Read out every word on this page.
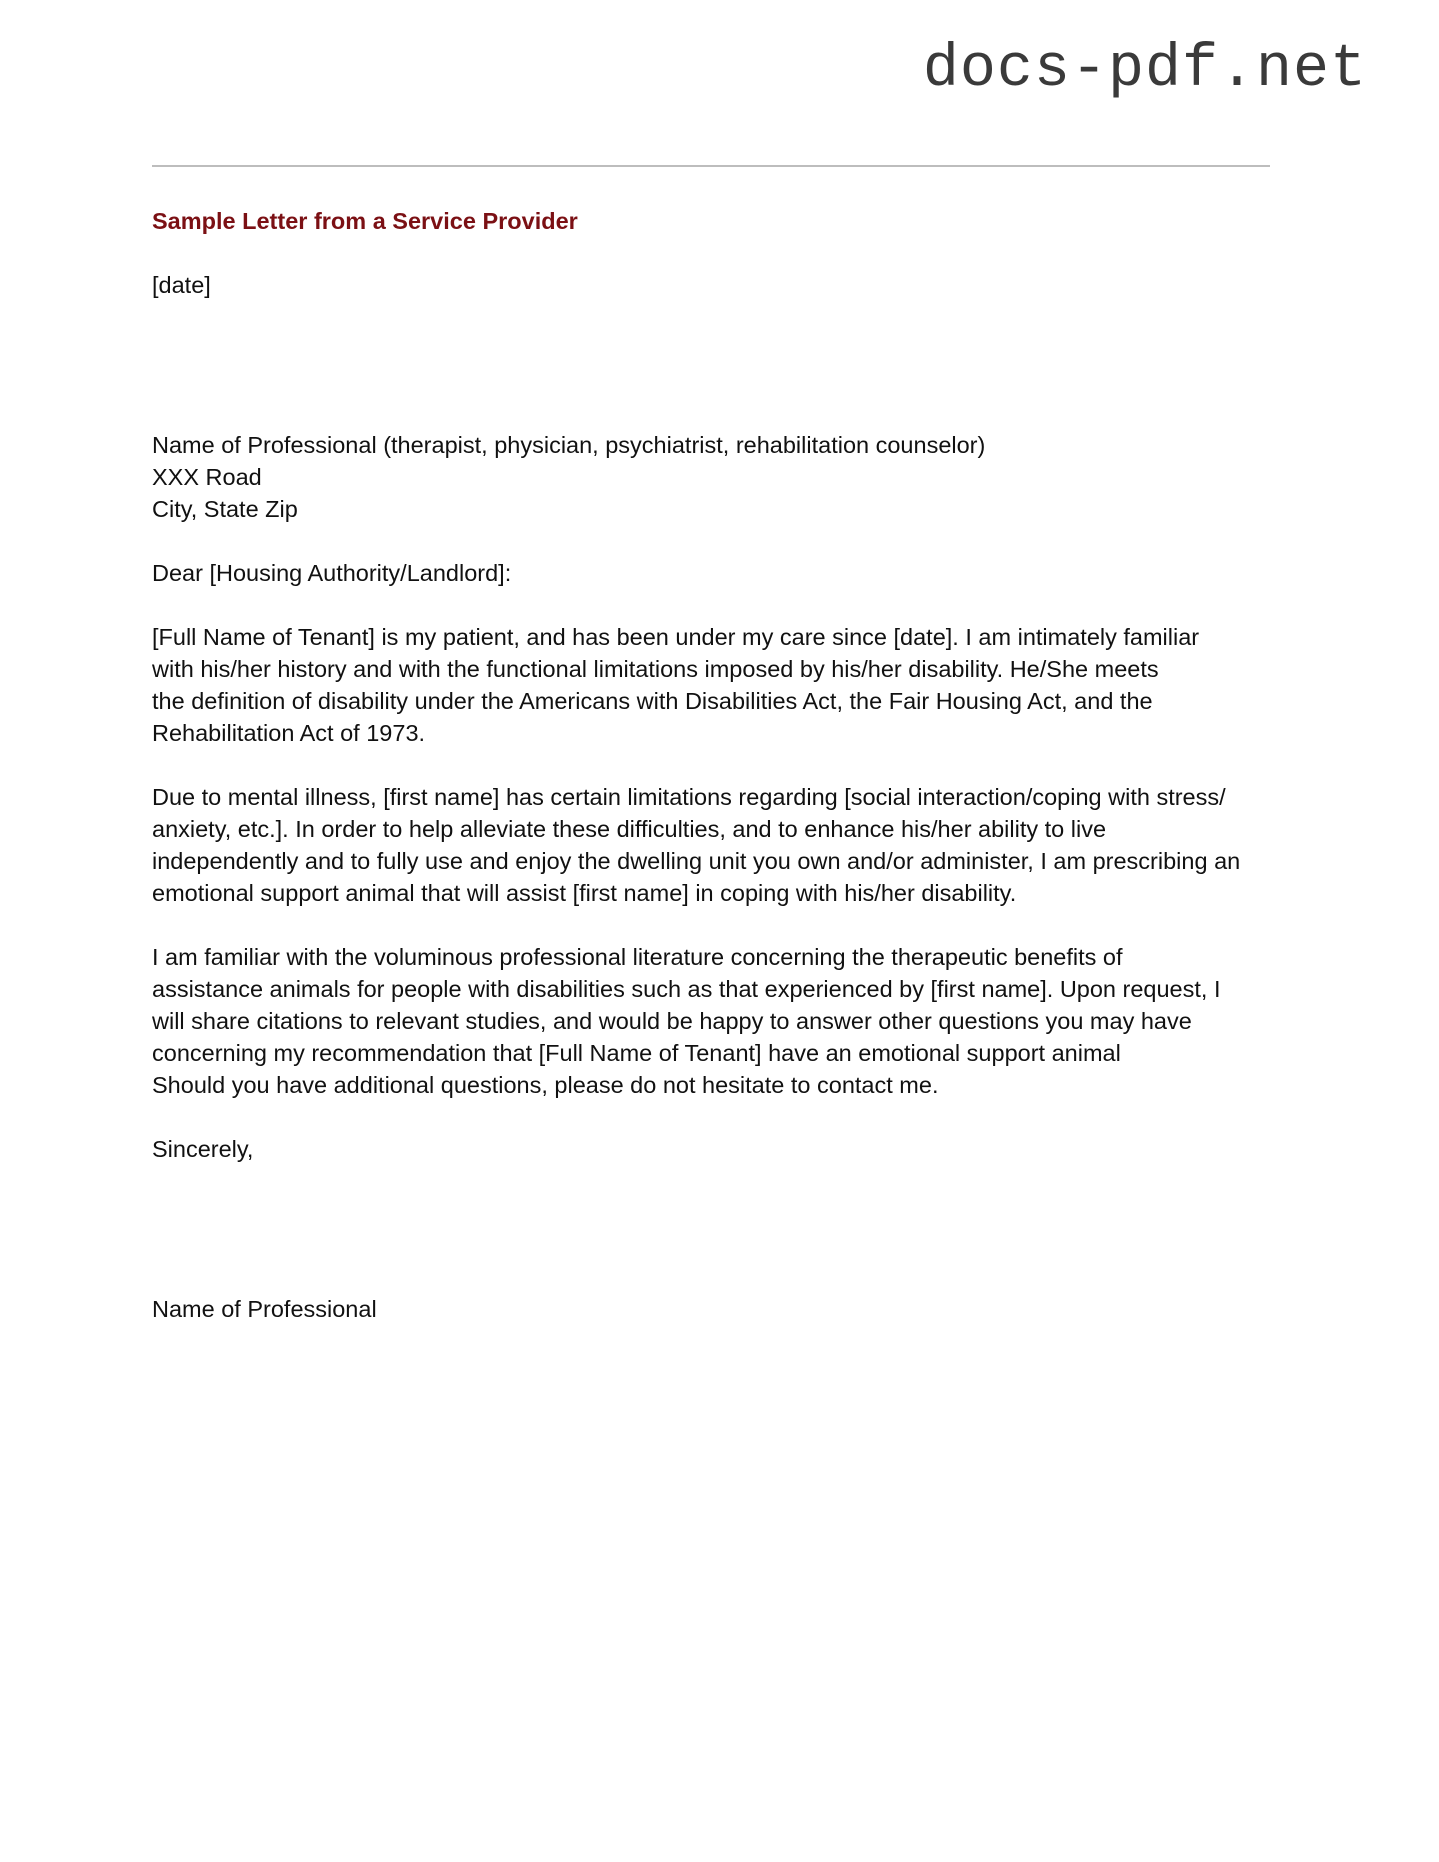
docs-pdf.net
Sample Letter from a Service Provider
[date]
Name of Professional (therapist, physician, psychiatrist, rehabilitation counselor)
XXX Road
City, State Zip
Dear [Housing Authority/Landlord]:
[Full Name of Tenant] is my patient, and has been under my care since [date]. I am intimately familiar
with his/her history and with the functional limitations imposed by his/her disability. He/She meets
the definition of disability under the Americans with Disabilities Act, the Fair Housing Act, and the
Rehabilitation Act of 1973.
Due to mental illness, [first name] has certain limitations regarding [social interaction/coping with stress/
anxiety, etc.]. In order to help alleviate these difficulties, and to enhance his/her ability to live
independently and to fully use and enjoy the dwelling unit you own and/or administer, I am prescribing an
emotional support animal that will assist [first name] in coping with his/her disability.
I am familiar with the voluminous professional literature concerning the therapeutic benefits of
assistance animals for people with disabilities such as that experienced by [first name]. Upon request, I
will share citations to relevant studies, and would be happy to answer other questions you may have
concerning my recommendation that [Full Name of Tenant] have an emotional support animal
Should you have additional questions, please do not hesitate to contact me.
Sincerely,
Name of Professional
